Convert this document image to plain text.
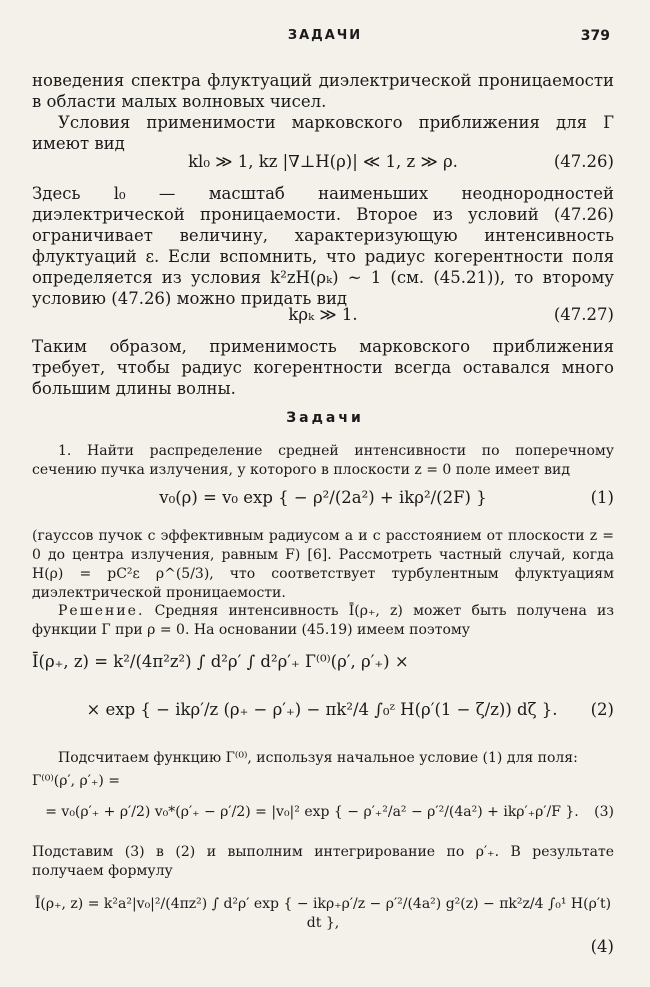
ЗАДАЧИ	379
новедения спектра флуктуаций диэлектрической проницаемости в области малых волновых чисел.
Условия применимости марковского приближения для Г имеют вид
kl₀ ≫ 1, kz |∇⊥H(ρ)| ≪ 1, z ≫ ρ.	(47.26)
Здесь l₀ — масштаб наименьших неоднородностей диэлектрической проницаемости. Второе из условий (47.26) ограничивает величину, характеризующую интенсивность флуктуаций ε. Если вспомнить, что радиус когерентности поля определяется из условия k²zH(ρₖ) ~ 1 (см. (45.21)), то второму условию (47.26) можно придать вид
kρₖ ≫ 1.	(47.27)
Таким образом, применимость марковского приближения требует, чтобы радиус когерентности всегда оставался много большим длины волны.
Задачи
1. Найти распределение средней интенсивности по поперечному сечению пучка излучения, у которого в плоскости z = 0 поле имеет вид
v₀(ρ) = v₀ exp { − ρ²/(2a²) + ikρ²/(2F) }	(1)
(гауссов пучок с эффективным радиусом a и с расстоянием от плоскости z = 0 до центра излучения, равным F) [6]. Рассмотреть частный случай, когда H(ρ) = pC²ε ρ^(5/3), что соответствует турбулентным флуктуациям диэлектрической проницаемости.
Решение. Средняя интенсивность Ī(ρ₊, z) может быть получена из функции Г при ρ = 0. На основании (45.19) имеем поэтому
Ī(ρ₊, z) = k²/(4π²z²) ∫ d²ρ′ ∫ d²ρ′₊ Г⁽⁰⁾(ρ′, ρ′₊) ×
× exp { − ikρ′/z (ρ₊ − ρ′₊) − πk²/4 ∫₀ᶻ H(ρ′(1 − ζ/z)) dζ }.	(2)
Подсчитаем функцию Г⁽⁰⁾, используя начальное условие (1) для поля:
Г⁽⁰⁾(ρ′, ρ′₊) =
= v₀(ρ′₊ + ρ′/2) v₀*(ρ′₊ − ρ′/2) = |v₀|² exp { − ρ′₊²/a² − ρ′²/(4a²) + ikρ′₊ρ′/F }. (3)
Подставим (3) в (2) и выполним интегрирование по ρ′₊. В результате получаем формулу
Ī(ρ₊, z) = k²a²|v₀|²/(4πz²) ∫ d²ρ′ exp { − ikρ₊ρ′/z − ρ′²/(4a²) g²(z) − πk²z/4 ∫₀¹ H(ρ′t) dt },
(4)
